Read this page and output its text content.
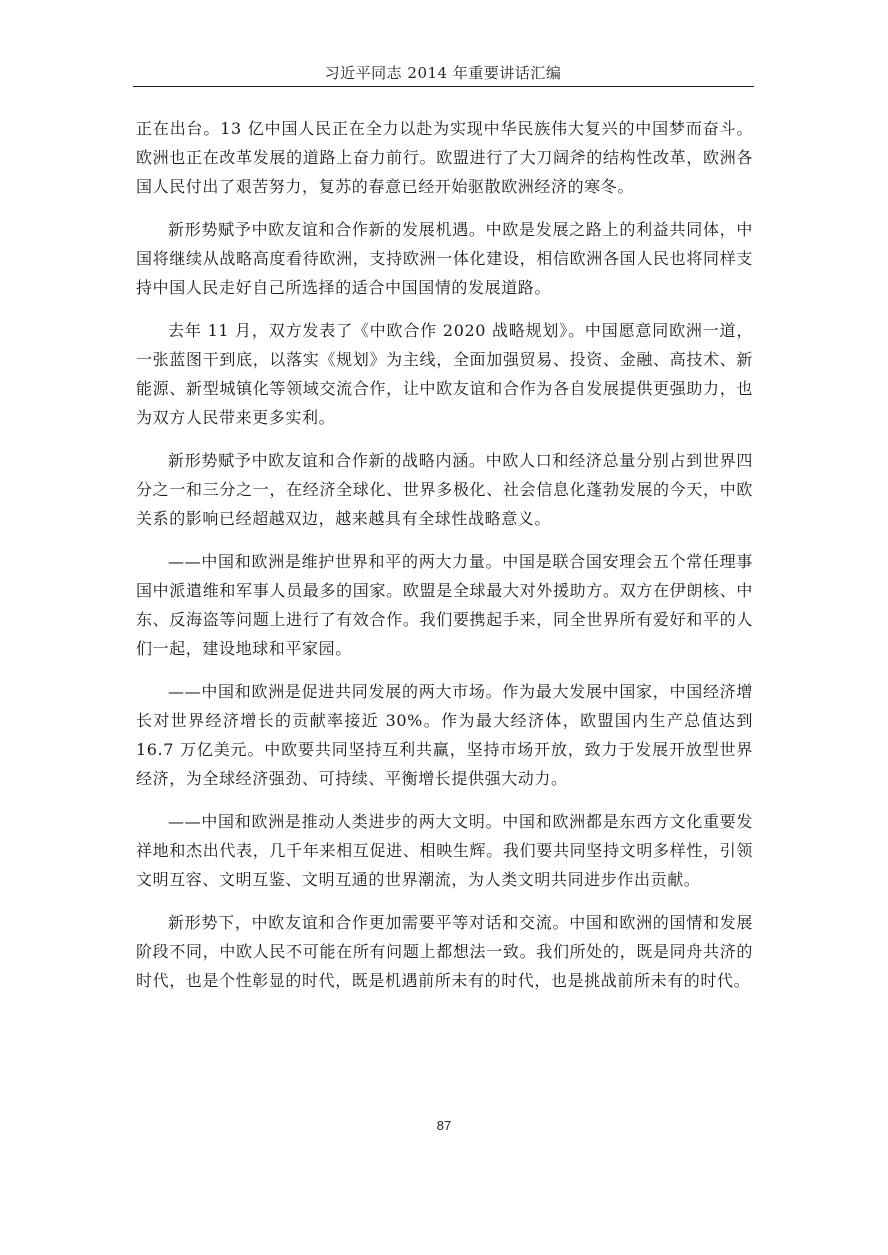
习近平同志 2014 年重要讲话汇编

正在出台。13 亿中国人民正在全力以赴为实现中华民族伟大复兴的中国梦而奋斗。欧洲也正在改革发展的道路上奋力前行。欧盟进行了大刀阔斧的结构性改革，欧洲各国人民付出了艰苦努力，复苏的春意已经开始驱散欧洲经济的寒冬。

新形势赋予中欧友谊和合作新的发展机遇。中欧是发展之路上的利益共同体，中国将继续从战略高度看待欧洲，支持欧洲一体化建设，相信欧洲各国人民也将同样支持中国人民走好自己所选择的适合中国国情的发展道路。

去年 11 月，双方发表了《中欧合作 2020 战略规划》。中国愿意同欧洲一道，一张蓝图干到底，以落实《规划》为主线，全面加强贸易、投资、金融、高技术、新能源、新型城镇化等领域交流合作，让中欧友谊和合作为各自发展提供更强助力，也为双方人民带来更多实利。

新形势赋予中欧友谊和合作新的战略内涵。中欧人口和经济总量分别占到世界四分之一和三分之一，在经济全球化、世界多极化、社会信息化蓬勃发展的今天，中欧关系的影响已经超越双边，越来越具有全球性战略意义。

——中国和欧洲是维护世界和平的两大力量。中国是联合国安理会五个常任理事国中派遣维和军事人员最多的国家。欧盟是全球最大对外援助方。双方在伊朗核、中东、反海盗等问题上进行了有效合作。我们要携起手来，同全世界所有爱好和平的人们一起，建设地球和平家园。

——中国和欧洲是促进共同发展的两大市场。作为最大发展中国家，中国经济增长对世界经济增长的贡献率接近 30%。作为最大经济体，欧盟国内生产总值达到 16.7 万亿美元。中欧要共同坚持互利共赢，坚持市场开放，致力于发展开放型世界经济，为全球经济强劲、可持续、平衡增长提供强大动力。

——中国和欧洲是推动人类进步的两大文明。中国和欧洲都是东西方文化重要发祥地和杰出代表，几千年来相互促进、相映生辉。我们要共同坚持文明多样性，引领文明互容、文明互鉴、文明互通的世界潮流，为人类文明共同进步作出贡献。

新形势下，中欧友谊和合作更加需要平等对话和交流。中国和欧洲的国情和发展阶段不同，中欧人民不可能在所有问题上都想法一致。我们所处的，既是同舟共济的时代，也是个性彰显的时代，既是机遇前所未有的时代，也是挑战前所未有的时代。

87
